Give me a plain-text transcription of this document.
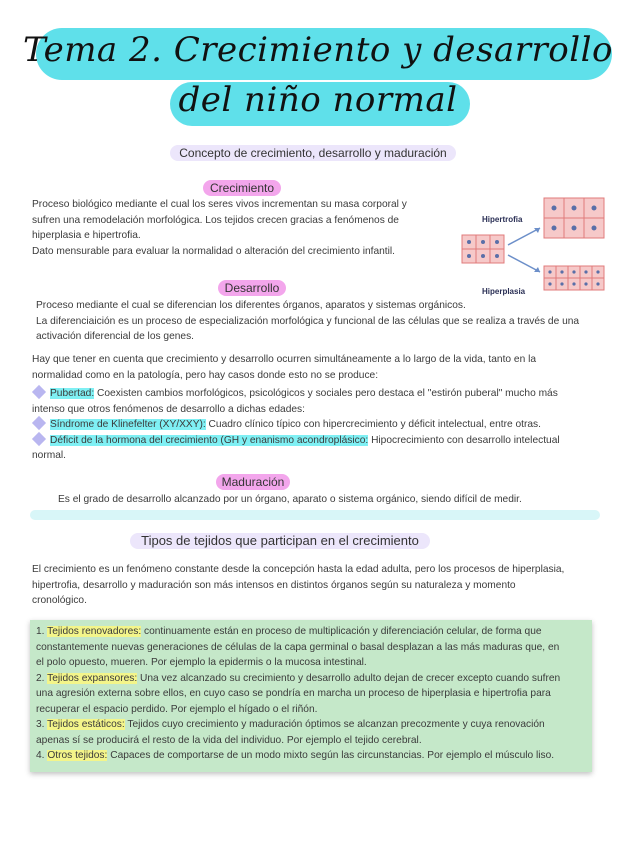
Tema 2. Crecimiento y desarrollo
del niño normal
Concepto de crecimiento, desarrollo y maduración
Crecimiento
Proceso biológico mediante el cual los seres vivos incrementan su masa corporal y
sufren una remodelación morfológica. Los tejidos crecen gracias a fenómenos de
hiperplasia e hipertrofia.
Dato mensurable para evaluar la normalidad o alteración del crecimiento infantil.
Hipertrofia
Hiperplasia
Desarrollo
Proceso mediante el cual se diferencian los diferentes órganos, aparatos y sistemas orgánicos.
La diferenciaición es un proceso de especialización morfológica y funcional de las células que se realiza a través de una
activación diferencial de los genes.
Hay que tener en cuenta que crecimiento y desarrollo ocurren simultáneamente a lo largo de la vida, tanto en la
normalidad como en la patología, pero hay casos donde esto no se produce:
Pubertad: Coexisten cambios morfológicos, psicológicos y sociales pero destaca el "estirón puberal" mucho más
intenso que otros fenómenos de desarrollo a dichas edades:
Síndrome de Klinefelter (XY/XXY): Cuadro clínico típico con hipercrecimiento y déficit intelectual, entre otras.
Déficit de la hormona del crecimiento (GH y enanismo acondroplásico: Hipocrecimiento con desarrollo intelectual
normal.
Maduración
Es el grado de desarrollo alcanzado por un órgano, aparato o sistema orgánico, siendo difícil de medir.
Tipos de tejidos que participan en el crecimiento
El crecimiento es un fenómeno constante desde la concepción hasta la edad adulta, pero los procesos de hiperplasia,
hipertrofia, desarrollo y maduración son más intensos en distintos órganos según su naturaleza y momento
cronológico.
1. Tejidos renovadores: continuamente están en proceso de multiplicación y diferenciación celular, de forma que
constantemente nuevas generaciones de células de la capa germinal o basal desplazan a las más maduras que, en
el polo opuesto, mueren. Por ejemplo la epidermis o la mucosa intestinal.
2. Tejidos expansores: Una vez alcanzado su crecimiento y desarrollo adulto dejan de crecer excepto cuando sufren
una agresión externa sobre ellos, en cuyo caso se pondría en marcha un proceso de hiperplasia e hipertrofia para
recuperar el espacio perdido. Por ejemplo el hígado o el riñón.
3. Tejidos estáticos: Tejidos cuyo crecimiento y maduración óptimos se alcanzan precozmente y cuya renovación
apenas sí se producirá el resto de la vida del individuo. Por ejemplo el tejido cerebral.
4. Otros tejidos: Capaces de comportarse de un modo mixto según las circunstancias. Por ejemplo el músculo liso.
